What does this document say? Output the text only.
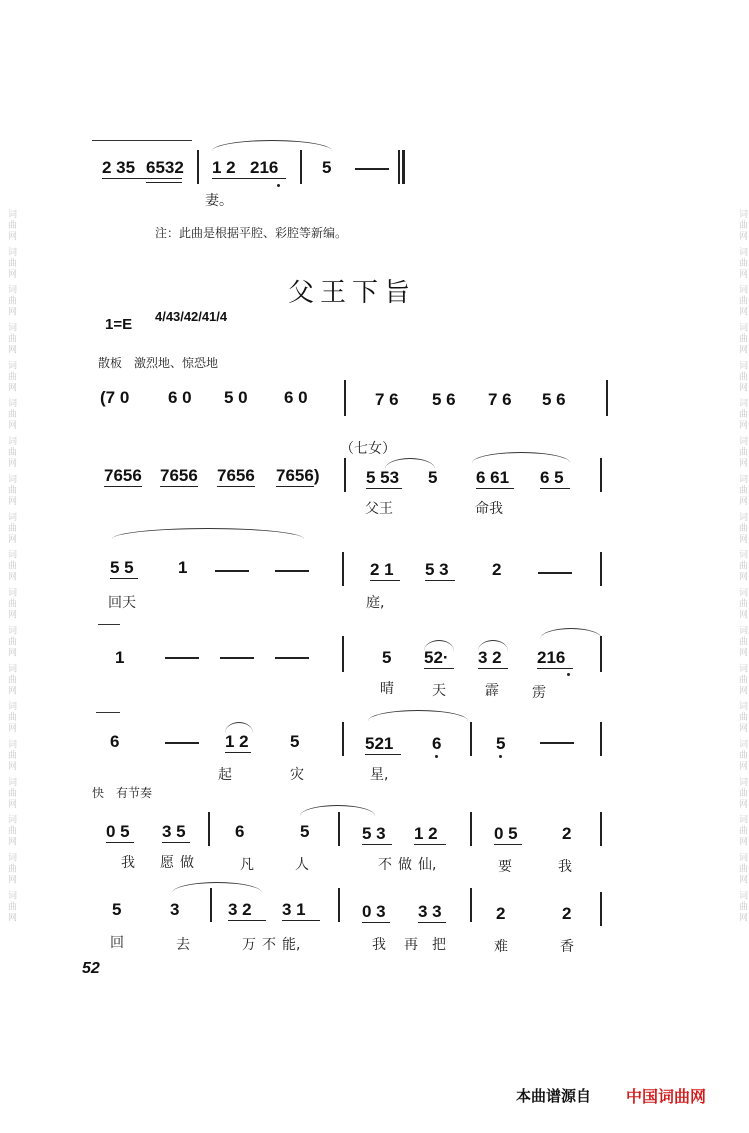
词曲网 词曲网 词曲网 词曲网 词曲网 词曲网 词曲网 词曲网 词曲网 词曲网 词曲网 词曲网 词曲网 词曲网 词曲网 词曲网 词曲网 词曲网 词曲网	词曲网 词曲网 词曲网 词曲网 词曲网 词曲网 词曲网 词曲网 词曲网 词曲网 词曲网 词曲网 词曲网 词曲网 词曲网 词曲网 词曲网 词曲网 词曲网
2 35 6532 1 2 216	5
妻。
注：此曲是根据平腔、彩腔等新编。
父王下旨
1=E 4/4 3/4 2/4 1/4
散板　激烈地、惊恐地
(7 0 6 0 5 0 6 0	7 6 5 6 7 6 5 6
（七女）
7656 7656 7656 7656)	5 53 5 6 61 6 5
父王	命我
5 5	1	2 1 5 3	2
回天	庭,
1	5 52· 3 2 216
晴	天	霹 雳
6	1 2 5	521 6	5
起	灾	星,
快　有节奏
0 5 3 5	6	5	5 3 1 2	0 5	2
我 愿 做	凡	人	不 做 仙,	要	我
5	3	3 2 3 1	0 3 3 3	2	2
回	去	万 不 能,	我 再 把	难	香
52
本曲谱源自 中国词曲网
